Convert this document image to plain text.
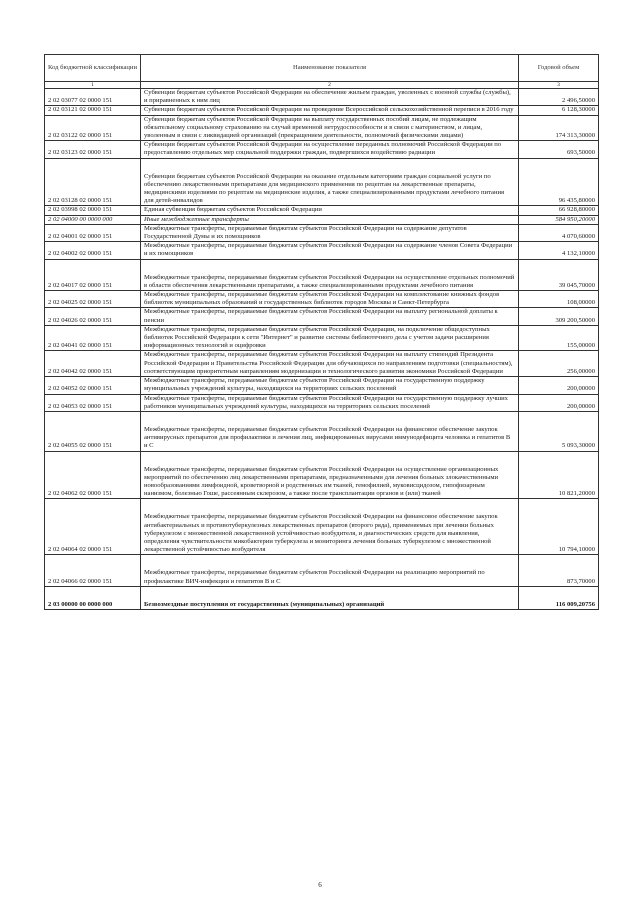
Код бюджетной классификации	Наименование показателя	Годовой объем
1	2	3
2 02 03077 02 0000 151	Субвенции бюджетам субъектов Российской Федерации на обеспечение жильем граждан, уволенных с военной службы (службы), и приравненных к ним лиц	2 496,50000
2 02 03121 02 0000 151	Субвенции бюджетам субъектов Российской Федерации на проведение Всероссийской сельскохозяйственной переписи в 2016 году	6 128,30000
2 02 03122 02 0000 151	Субвенции бюджетам субъектов Российской Федерации на выплату государственных пособий лицам, не подлежащим обязательному социальному страхованию на случай временной нетрудоспособности и в связи с материнством, и лицам, уволенным в связи с ликвидацией организаций (прекращением деятельности, полномочий физическими лицами)	174 313,30000
2 02 03123 02 0000 151	Субвенции бюджетам субъектов Российской Федерации на осуществление переданных полномочий Российской Федерации по предоставлению отдельных мер социальной поддержки граждан, подвергшихся воздействию радиации	693,50000
2 02 03128 02 0000 151	Субвенции бюджетам субъектов Российской Федерации на оказание отдельным категориям граждан социальной услуги по обеспечению лекарственными препаратами для медицинского применения по рецептам на лекарственные препараты, медицинскими изделиями по рецептам на медицинские изделия, а также специализированными продуктами лечебного питания для детей-инвалидов	96 435,80000
2 02 03998 02 0000 151	Единая субвенция бюджетам субъектов Российской Федерации	66 928,80000
2 02 04000 00 0000 000	Иные межбюджетные трансферты	584 950,20000
2 02 04001 02 0000 151	Межбюджетные трансферты, передаваемые бюджетам субъектов Российской Федерации на содержание депутатов Государственной Думы и их помощников	4 070,60000
2 02 04002 02 0000 151	Межбюджетные трансферты, передаваемые бюджетам субъектов Российской Федерации на содержание членов Совета Федерации и их помощников	4 132,10000
2 02 04017 02 0000 151	Межбюджетные трансферты, передаваемые бюджетам субъектов Российской Федерации на осуществление отдельных полномочий в области обеспечения лекарственными препаратами, а также специализированными продуктами лечебного питания	39 045,70000
2 02 04025 02 0000 151	Межбюджетные трансферты, передаваемые бюджетам субъектов Российской Федерации на комплектование книжных фондов библиотек муниципальных образований и государственных библиотек городов Москвы и Санкт-Петербурга	108,00000
2 02 04026 02 0000 151	Межбюджетные трансферты, передаваемые бюджетам субъектов Российской Федерации на выплату региональной доплаты к пенсии	309 200,50000
2 02 04041 02 0000 151	Межбюджетные трансферты, передаваемые бюджетам субъектов Российской Федерации, на подключение общедоступных библиотек Российской Федерации к сети "Интернет" и развитие системы библиотечного дела с учетом задачи расширения информационных технологий и оцифровки	155,00000
2 02 04042 02 0000 151	Межбюджетные трансферты, передаваемые бюджетам субъектов Российской Федерации на выплату стипендий Президента Российской Федерации и Правительства Российской Федерации для обучающихся по направлениям подготовки (специальностям), соответствующим приоритетным направлениям модернизации и технологического развития экономики Российской Федерации	256,00000
2 02 04052 02 0000 151	Межбюджетные трансферты, передаваемые бюджетам субъектов Российской Федерации на государственную поддержку муниципальных учреждений культуры, находящихся на территориях сельских поселений	200,00000
2 02 04053 02 0000 151	Межбюджетные трансферты, передаваемые бюджетам субъектов Российской Федерации на государственную поддержку лучших работников муниципальных учреждений культуры, находящихся на территориях сельских поселений	200,00000
2 02 04055 02 0000 151	Межбюджетные трансферты, передаваемые бюджетам субъектов Российской Федерации на финансовое обеспечение закупок антивирусных препаратов для профилактики и лечения лиц, инфицированных вирусами иммунодефицита человека и гепатитов B и C	5 093,30000
2 02 04062 02 0000 151	Межбюджетные трансферты, передаваемые бюджетам субъектов Российской Федерации на осуществление организационных мероприятий по обеспечению лиц лекарственными препаратами, предназначенными для лечения больных злокачественными новообразованиями лимфоидной, кроветворной и родственных им тканей, гемофилией, муковисцидозом, гипофизарным нанизмом, болезнью Гоше, рассеянным склерозом, а также после трансплантации органов и (или) тканей	10 821,20000
2 02 04064 02 0000 151	Межбюджетные трансферты, передаваемые бюджетам субъектов Российской Федерации на финансовое обеспечение закупок антибактериальных и противотуберкулезных лекарственных препаратов (второго ряда), применяемых при лечении больных туберкулезом с множественной лекарственной устойчивостью возбудителя, и диагностических средств для выявления, определения чувствительности микобактерии туберкулеза и мониторинга лечения больных туберкулезом с множественной лекарственной устойчивостью возбудителя	10 794,10000
2 02 04066 02 0000 151	Межбюджетные трансферты, передаваемые бюджетам субъектов Российской Федерации на реализацию мероприятий по профилактике ВИЧ-инфекции и гепатитов B и C	873,70000
2 03 00000 00 0000 000	Безвозмездные поступления от государственных (муниципальных) организаций	116 009,20756
6
